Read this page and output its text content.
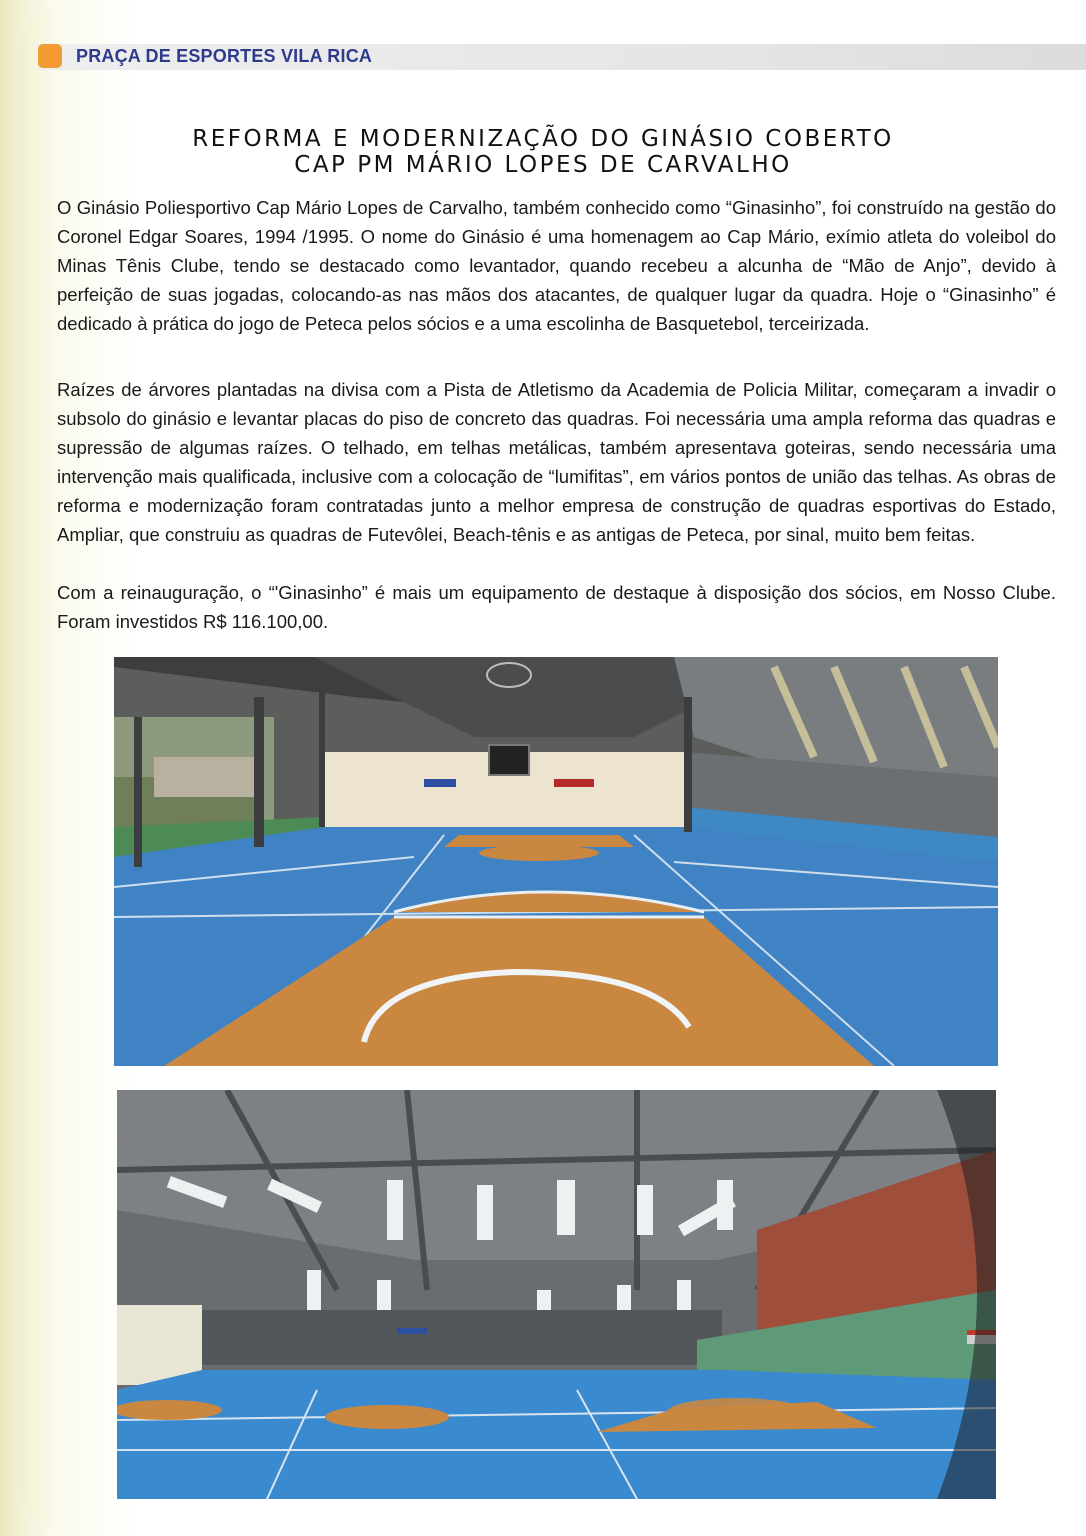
PRAÇA DE ESPORTES VILA RICA
REFORMA E MODERNIZAÇÃO DO GINÁSIO COBERTO
CAP PM MÁRIO LOPES DE CARVALHO

O Ginásio Poliesportivo Cap Mário Lopes de Carvalho, também conhecido como “Ginasinho”, foi construído na gestão do Coronel Edgar Soares, 1994 /1995. O nome do Ginásio é uma homenagem ao Cap Mário, exímio atleta do voleibol do Minas Tênis Clube, tendo se destacado como levantador, quando recebeu a alcunha de “Mão de Anjo”, devido à perfeição de suas jogadas, colocando-as nas mãos dos atacantes, de qualquer lugar da quadra. Hoje o “Ginasinho” é dedicado à prática do jogo de Peteca pelos sócios e a uma escolinha de Basquetebol, terceirizada.

Raízes de árvores plantadas na divisa com a Pista de Atletismo da Academia de Policia Militar, começaram a invadir o subsolo do ginásio e levantar placas do piso de concreto das quadras. Foi necessária uma ampla reforma das quadras e supressão de algumas raízes. O telhado, em telhas metálicas, também apresentava goteiras, sendo necessária uma intervenção mais qualificada, inclusive com a colocação de “lumifitas”, em vários pontos de união das telhas. As obras de reforma e modernização foram contratadas junto a melhor empresa de construção de quadras esportivas do Estado, Ampliar, que construiu as quadras de Futevôlei, Beach-tênis e as antigas de Peteca, por sinal, muito bem feitas.

Com a reinauguração, o “'Ginasinho” é mais um equipamento de destaque à disposição dos sócios, em Nosso Clube. Foram investidos R$ 116.100,00.
